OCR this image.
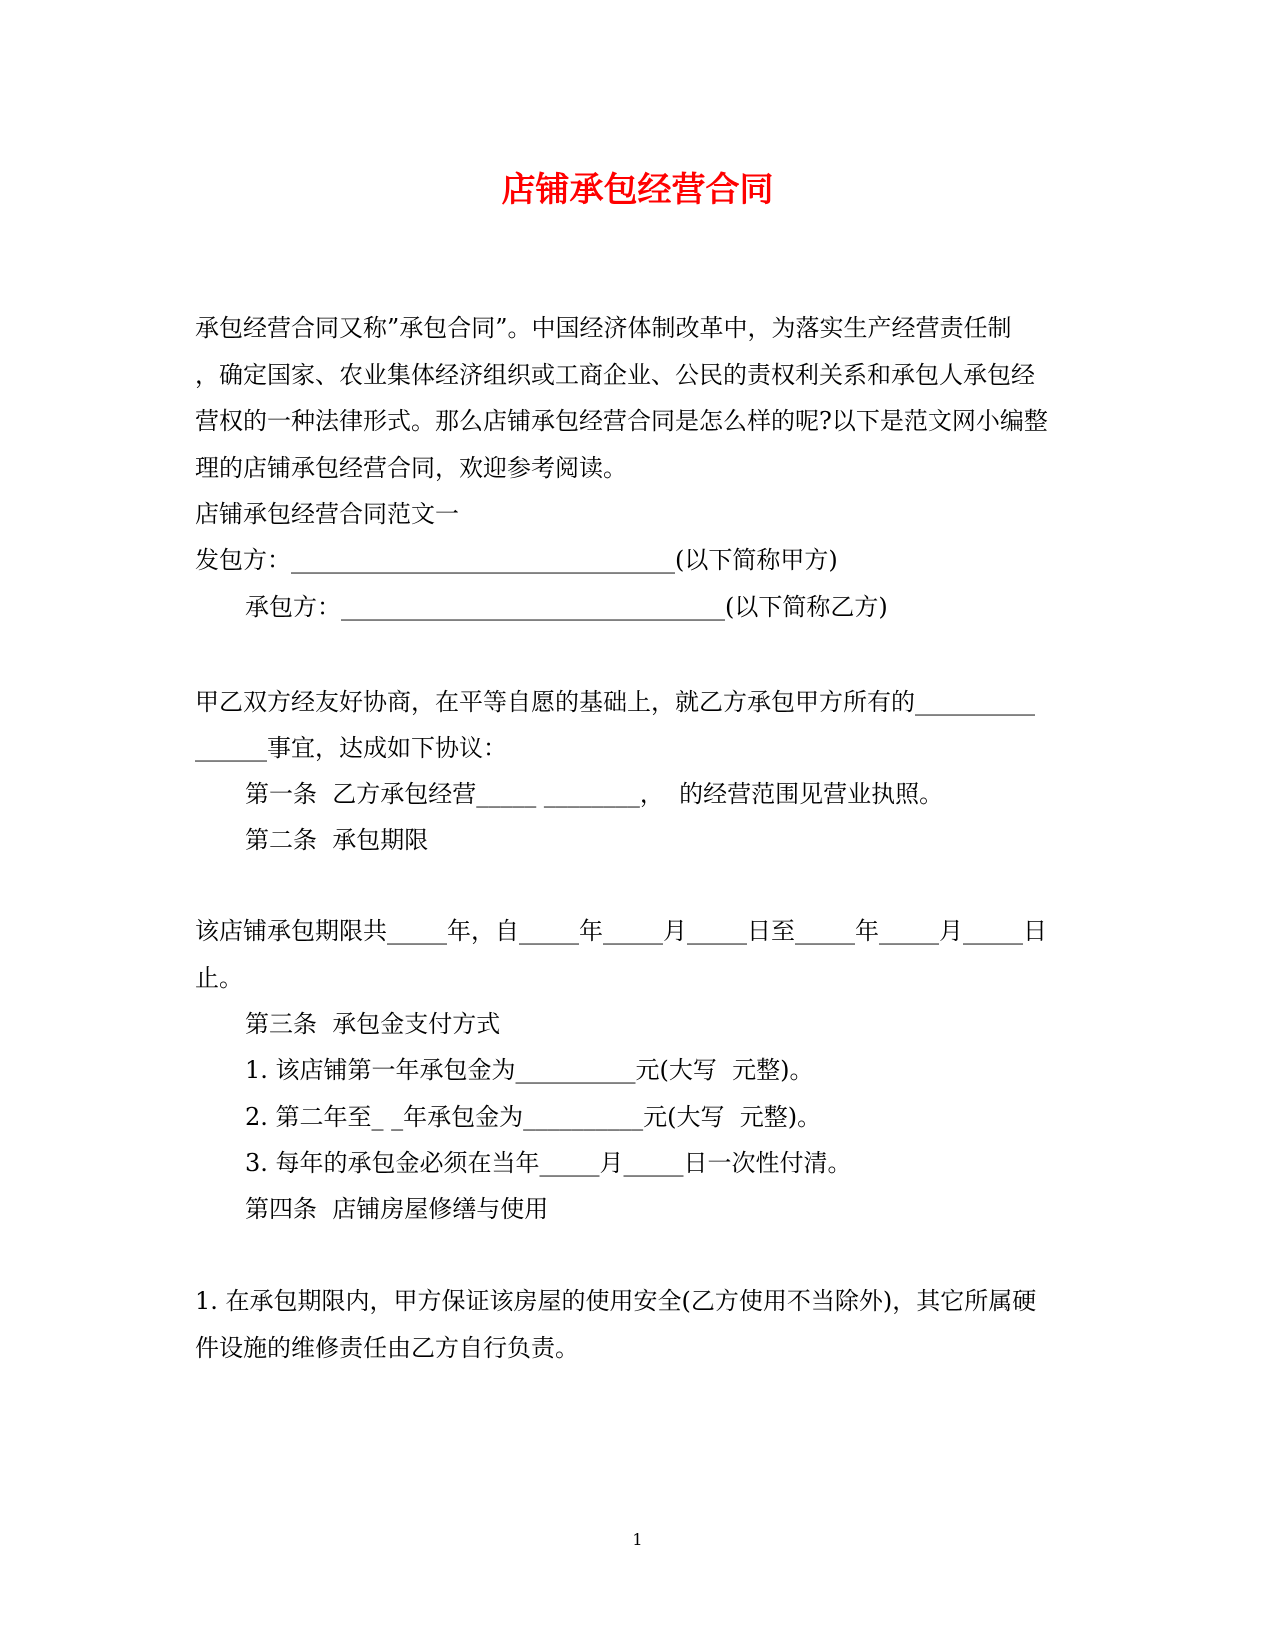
店铺承包经营合同
承包经营合同又称”承包合同”。中国经济体制改革中，为落实生产经营责任制
，确定国家、农业集体经济组织或工商企业、公民的责权利关系和承包人承包经
营权的一种法律形式。那么店铺承包经营合同是怎么样的呢?以下是范文网小编整
理的店铺承包经营合同，欢迎参考阅读。
店铺承包经营合同范文一
发包方：________________________________(以下简称甲方)
承包方：________________________________(以下简称乙方)
甲乙双方经友好协商，在平等自愿的基础上，就乙方承包甲方所有的__________
______事宜，达成如下协议：
第一条  乙方承包经营_____ ________，  的经营范围见营业执照。
第二条  承包期限
该店铺承包期限共_____年，自_____年_____月_____日至_____年_____月_____日
止。
第三条  承包金支付方式
1. 该店铺第一年承包金为__________元(大写  元整)。
2. 第二年至_ _年承包金为__________元(大写  元整)。
3. 每年的承包金必须在当年_____月_____日一次性付清。
第四条  店铺房屋修缮与使用
1. 在承包期限内，甲方保证该房屋的使用安全(乙方使用不当除外)，其它所属硬
件设施的维修责任由乙方自行负责。
1
